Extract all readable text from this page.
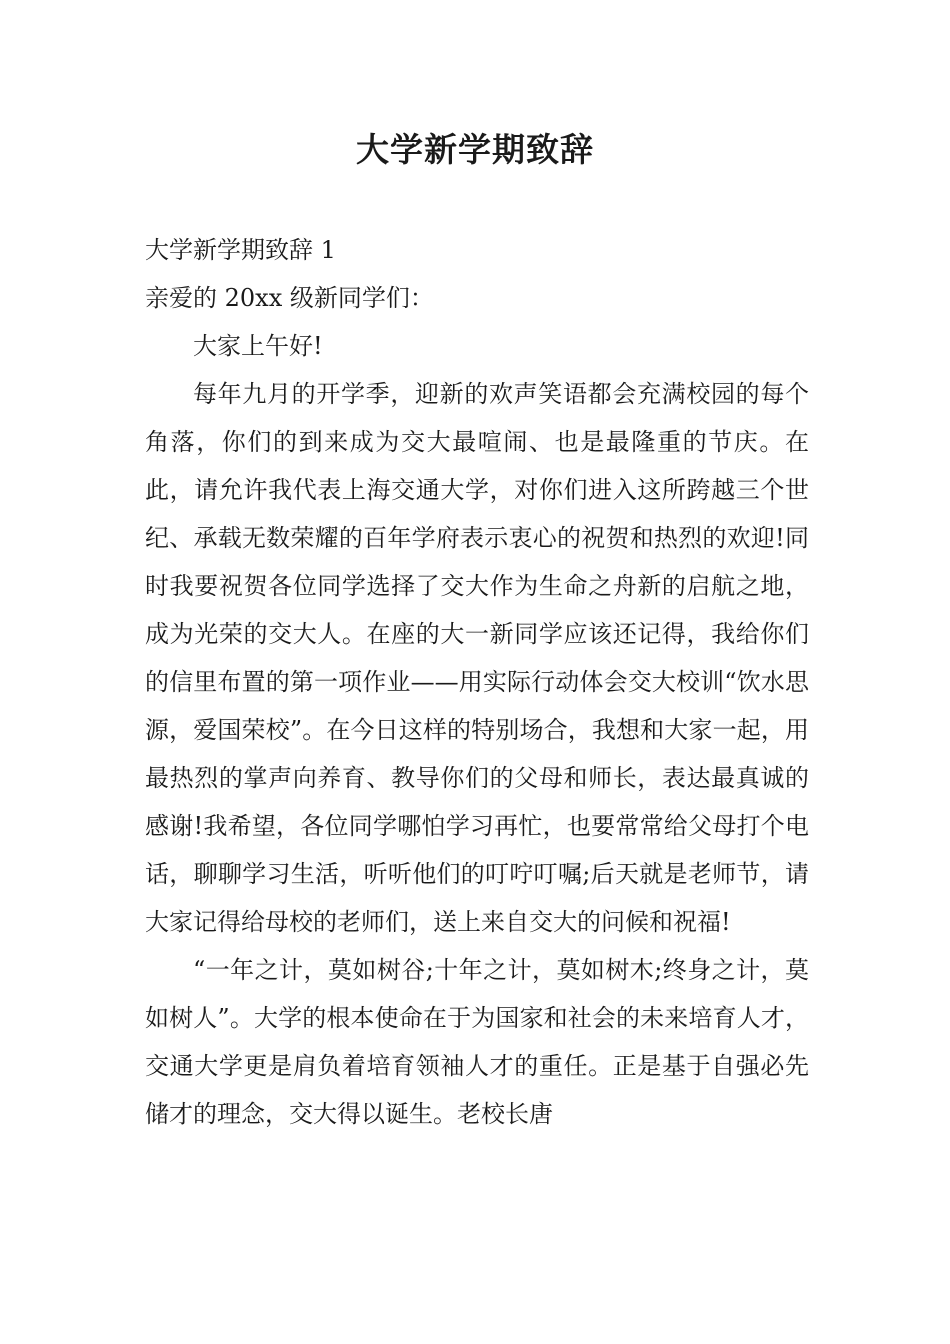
大学新学期致辞

大学新学期致辞 1

亲爱的 20xx 级新同学们：

大家上午好!

每年九月的开学季，迎新的欢声笑语都会充满校园的每个角落，你们的到来成为交大最喧闹、也是最隆重的节庆。在此，请允许我代表上海交通大学，对你们进入这所跨越三个世纪、承载无数荣耀的百年学府表示衷心的祝贺和热烈的欢迎!同时我要祝贺各位同学选择了交大作为生命之舟新的启航之地，成为光荣的交大人。在座的大一新同学应该还记得，我给你们的信里布置的第一项作业——用实际行动体会交大校训“饮水思源，爱国荣校”。在今日这样的特别场合，我想和大家一起，用最热烈的掌声向养育、教导你们的父母和师长，表达最真诚的感谢!我希望，各位同学哪怕学习再忙，也要常常给父母打个电话，聊聊学习生活，听听他们的叮咛叮嘱;后天就是老师节，请大家记得给母校的老师们，送上来自交大的问候和祝福!

“一年之计，莫如树谷;十年之计，莫如树木;终身之计，莫如树人”。大学的根本使命在于为国家和社会的未来培育人才，交通大学更是肩负着培育领袖人才的重任。正是基于自强必先储才的理念，交大得以诞生。老校长唐
